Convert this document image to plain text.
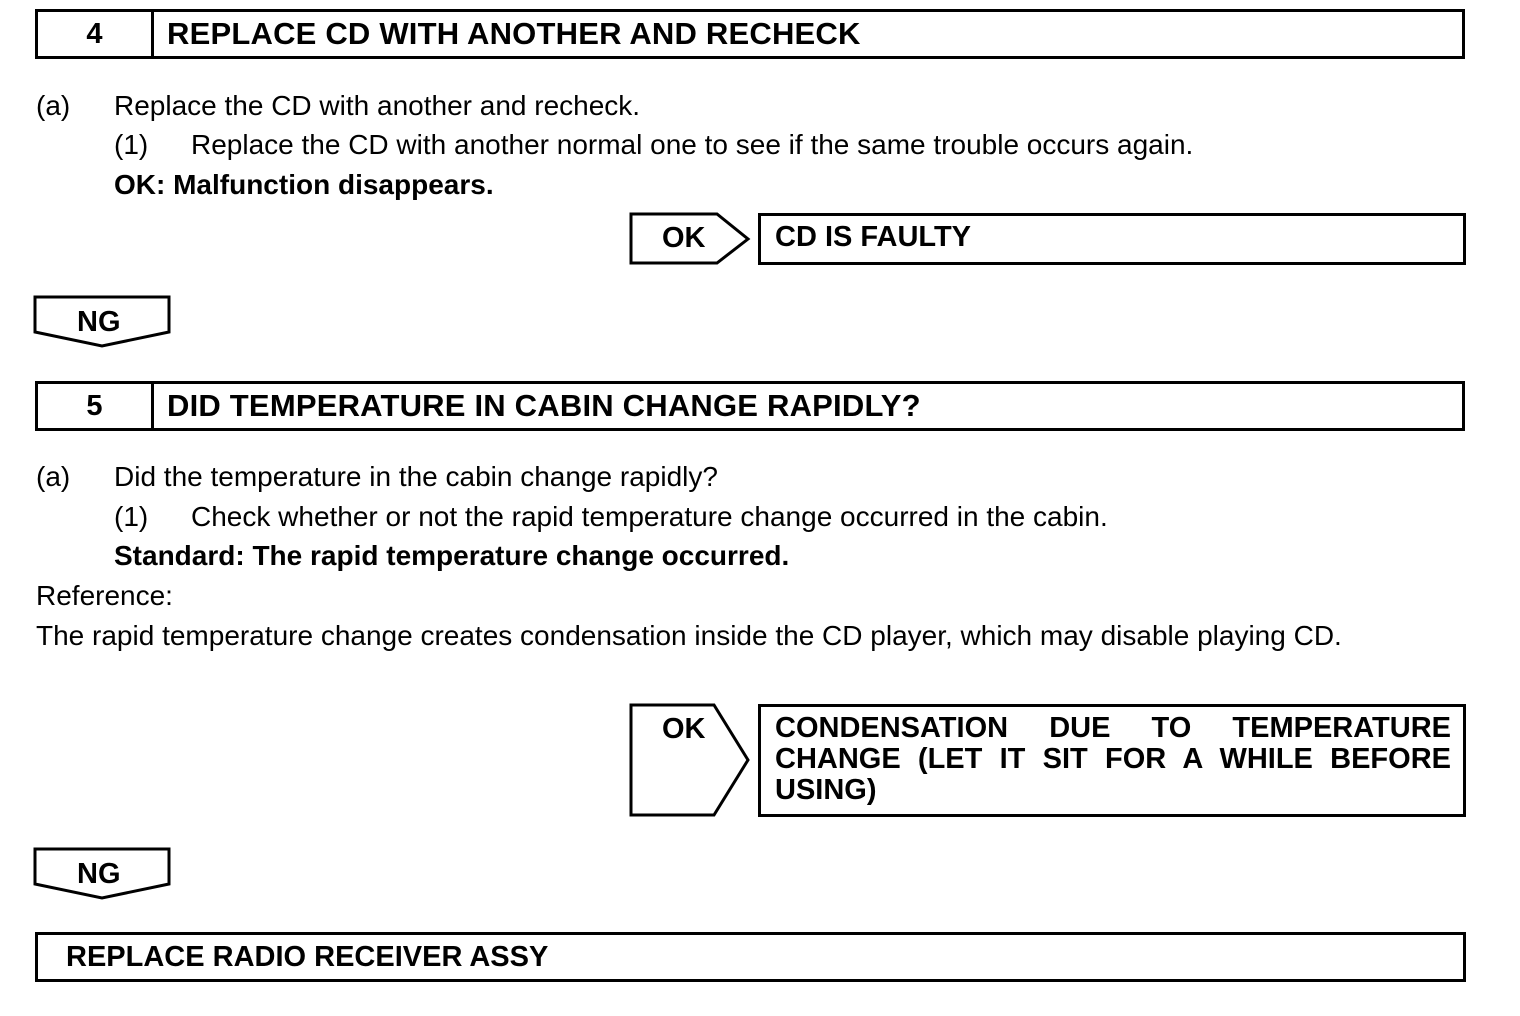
4	REPLACE CD WITH ANOTHER AND RECHECK
(a) Replace the CD with another and recheck.
(1) Replace the CD with another normal one to see if the same trouble occurs again.
OK: Malfunction disappears.
OK	CD IS FAULTY
NG
5	DID TEMPERATURE IN CABIN CHANGE RAPIDLY?
(a) Did the temperature in the cabin change rapidly?
(1) Check whether or not the rapid temperature change occurred in the cabin.
Standard: The rapid temperature change occurred.
Reference:
The rapid temperature change creates condensation inside the CD player, which may disable playing CD.
OK	CONDENSATION DUE TO TEMPERATURE CHANGE (LET IT SIT FOR A WHILE BEFORE USING)
NG
REPLACE RADIO RECEIVER ASSY
